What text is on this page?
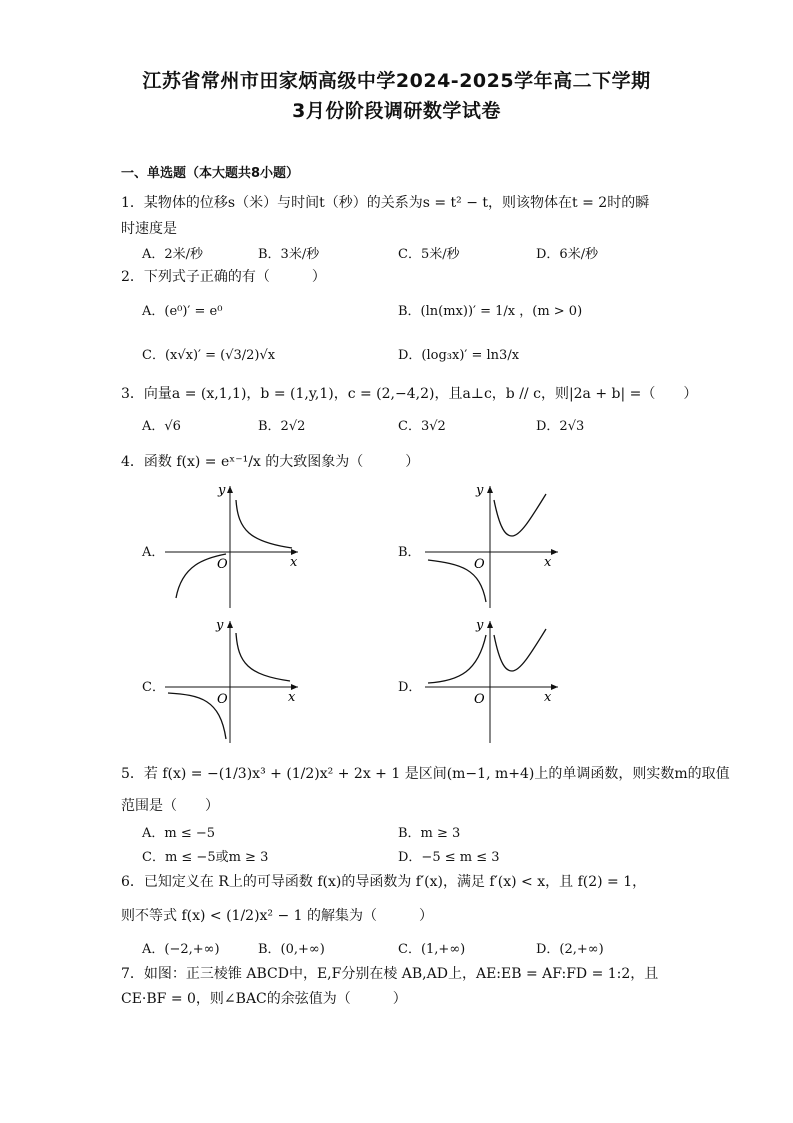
江苏省常州市田家炳高级中学2024-2025学年高二下学期
3月份阶段调研数学试卷
一、单选题（本大题共8小题）
1．某物体的位移s（米）与时间t（秒）的关系为s = t² − t，则该物体在t = 2时的瞬
时速度是
A．2米/秒	B．3米/秒	C．5米/秒	D．6米/秒
2．下列式子正确的有（　　　）
A．(e⁰)′ = e⁰	B．(ln(mx))′ = 1/x ，(m > 0)
C．(x√x)′ = (√3/2)√x	D．(log₃x)′ = ln3/x
3．向量a = (x,1,1)，b = (1,y,1)，c = (2,−4,2)，且a⊥c，b // c，则|2a + b| =（　　）
A．√6	B．2√2	C．3√2	D．2√3
4．函数 f(x) = eˣ⁻¹/x 的大致图象为（　　　）
A．	B．
C．	D．
O	x
y
O	x
y
O	x
y
O	x
y
5．若 f(x) = −(1/3)x³ + (1/2)x² + 2x + 1 是区间(m−1, m+4)上的单调函数，则实数m的取值
范围是（　　）
A．m ≤ −5	B．m ≥ 3
C．m ≤ −5或m ≥ 3	D．−5 ≤ m ≤ 3
6．已知定义在 R上的可导函数 f(x)的导函数为 f′(x)，满足 f′(x) < x，且 f(2) = 1，
则不等式 f(x) < (1/2)x² − 1 的解集为（　　　）
A．(−2,+∞)	B．(0,+∞)	C．(1,+∞)	D．(2,+∞)
7．如图：正三棱锥 ABCD中，E,F分别在棱 AB,AD上，AE:EB = AF:FD = 1:2，且
CE·BF = 0，则∠BAC的余弦值为（　　　）
